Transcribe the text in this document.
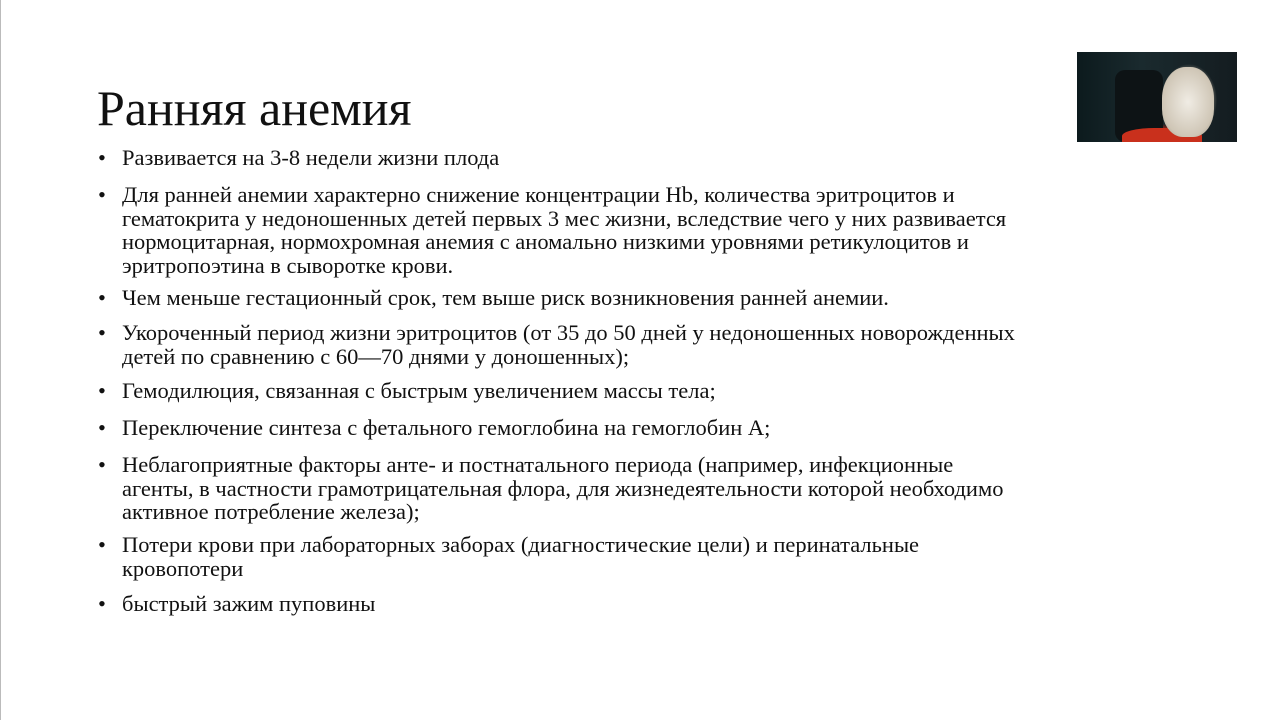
Ранняя анемия
• Развивается на 3-8 недели жизни плода
• Для ранней анемии характерно снижение концентрации Hb, количества эритроцитов и
гематокрита у недоношенных детей первых 3 мес жизни, вследствие чего у них развивается
нормоцитарная, нормохромная анемия с аномально низкими уровнями ретикулоцитов и
эритропоэтина в сыворотке крови.
• Чем меньше гестационный срок, тем выше риск возникновения ранней анемии.
• Укороченный период жизни эритроцитов (от 35 до 50 дней у недоношенных новорожденных
детей по сравнению с 60—70 днями у доношенных);
• Гемодилюция, связанная с быстрым увеличением массы тела;
• Переключение синтеза с фетального гемоглобина на гемоглобин А;
• Неблагоприятные факторы анте- и постнатального периода (например, инфекционные
агенты, в частности грамотрицательная флора, для жизнедеятельности которой необходимо
активное потребление железа);
• Потери крови при лабораторных заборах (диагностические цели) и перинатальные
кровопотери
• быстрый зажим пуповины
